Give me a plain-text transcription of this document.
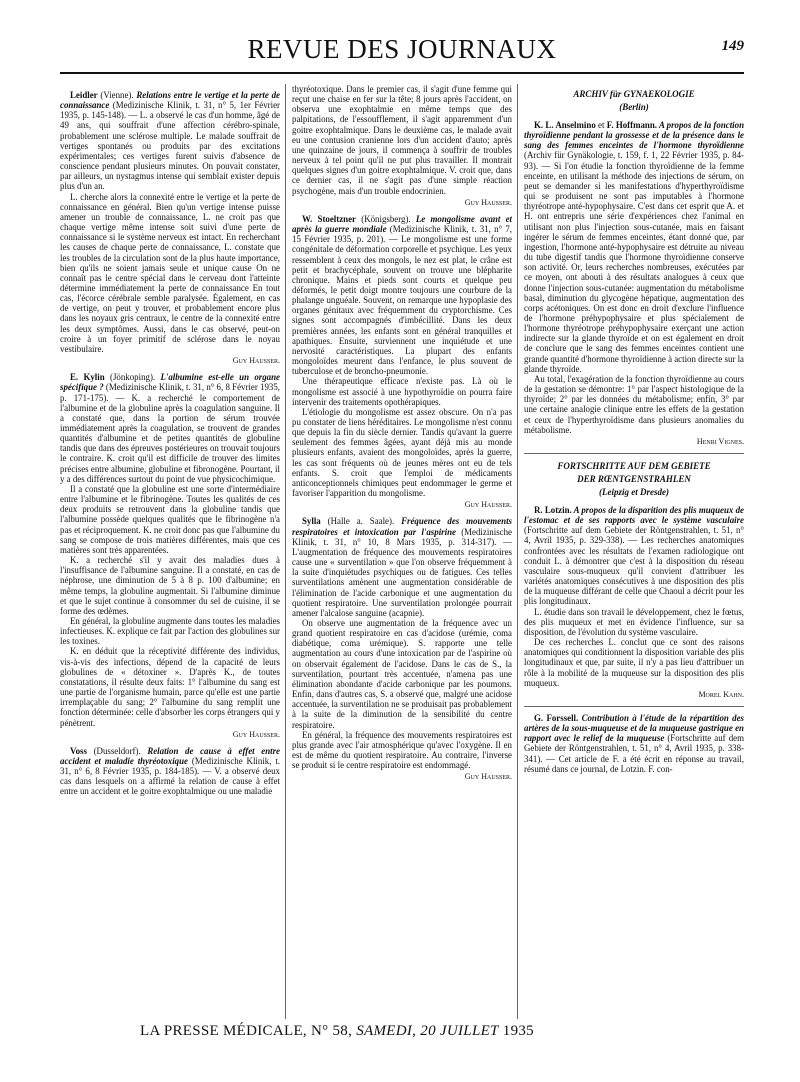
REVUE DES JOURNAUX	149

Leidler (Vienne). Relations entre le vertige et la perte de connaissance (Medizinische Klinik, t. 31, n° 5, 1er Février 1935, p. 145-148). — L. a observé le cas d'un homme, âgé de 49 ans, qui souffrait d'une affection cérébro-spinale, probablement une sclérose multiple. Le malade souffrait de vertiges spontanés ou produits par des excitations expérimentales; ces vertiges furent suivis d'absence de conscience pendant plusieurs minutes. On pouvait constater, par ailleurs, un nystagmus intense qui semblait exister depuis plus d'un an.

L. cherche alors la connexité entre le vertige et la perte de connaissance en général. Bien qu'un vertige intense puisse amener un trouble de connaissance, L. ne croit pas que chaque vertige même intense soit suivi d'une perte de connaissance si le système nerveux est intact. En recherchant les causes de chaque perte de connaissance, L. constate que les troubles de la circulation sont de la plus haute importance, bien qu'ils ne soient jamais seule et unique cause On ne connaît pas le centre spécial dans le cerveau dont l'atteinte détermine immédiatement la perte de connaissance En tout cas, l'écorce cérébrale semble paralysée. Également, en cas de vertige, on peut y trouver, et probablement encore plus dans les noyaux gris centraux, le centre de la connexité entre les deux symptômes. Aussi, dans le cas observé, peut-on croire à un foyer primitif de sclérose dans le noyau vestibulaire.

Guy Hausser.

E. Kylin (Jönkoping). L'albumine est-elle un organe spécifique ? (Medizinische Klinik, t. 31, n° 6, 8 Février 1935, p. 171-175). — K. a recherché le comportement de l'albumine et de la globuline après la coagulation sanguine. Il a constaté que, dans la portion de sérum trouvée immédiatement après la coagulation, se trouvent de grandes quantités d'albumine et de petites quantités de globuline tandis que dans des épreuves postérieures on trouvait toujours le contraire. K. croit qu'il est difficile de trouver des limites précises entre albumine, globuline et fibronogène. Pourtant, il y a des différences surtout du point de vue physicochimique.

Il a constaté que la globuline est une sorte d'intermédiaire entre l'albumine et le fibrinogène. Toutes les qualités de ces deux produits se retrouvent dans la globuline tandis que l'albumine possède quelques qualités que le fibrinogène n'a pas et réciproquement. K. ne croit donc pas que l'albumine du sang se compose de trois matières différentes, mais que ces matières sont très apparentées.

K. a recherché s'il y avait des maladies dues à l'insuffisance de l'albumine sanguine. Il a constaté, en cas de néphrose, une diminution de 5 à 8 p. 100 d'albumine; en même temps, la globuline augmentait. Si l'albumine diminue et que le sujet continue à consommer du sel de cuisine, il se forme des œdèmes.

En général, la globuline augmente dans toutes les maladies infectieuses. K. explique ce fait par l'action des globulines sur les toxines.

K. en déduit que la réceptivité différente des individus, vis-à-vis des infections, dépend de la capacité de leurs globulines de « détoxiner ». D'après K., de toutes constatations, il résulte deux faits: 1° l'albumine du sang est une partie de l'organisme humain, parce qu'elle est une partie irremplaçable du sang; 2° l'albumine du sang remplit une fonction déterminée: celle d'absorber les corps étrangers qui y pénètrent.

Guy Hausser.

Voss (Dusseldorf). Relation de cause à effet entre accident et maladie thyréotoxique (Medizinische Klinik, t. 31, n° 6, 8 Février 1935, p. 184-185). — V. a observé deux cas dans lesquels on a affirmé la relation de cause à effet entre un accident et le goitre exophtalmique ou une maladie

thyréotoxique. Dans le premier cas, il s'agit d'une femme qui reçut une chaise en fer sur la tête; 8 jours après l'accident, on observa une exophtalmie en même temps que des palpitations, de l'essoufflement, il s'agit apparemment d'un goitre exophtalmique. Dans le deuxième cas, le malade avait eu une contusion cranienne lors d'un accident d'auto; après une quinzaine de jours, il commença à souffrir de troubles nerveux à tel point qu'il ne put plus travailler. Il montrait quelques signes d'un goitre exophtalmique. V. croit que, dans ce dernier cas, il ne s'agit pas d'une simple réaction psychogène, mais d'un trouble endocrinien.

Guy Hausser.

W. Stoeltzner (Königsberg). Le mongolisme avant et après la guerre mondiale (Medizinische Klinik, t. 31, n° 7, 15 Février 1935, p. 201). — Le mongolisme est une forme congénitale de déformation corporelle et psychique. Les yeux ressemblent à ceux des mongols, le nez est plat, le crâne est petit et brachycéphale, souvent on trouve une blépharite chronique. Mains et pieds sont courts et quelque peu déformés, le petit doigt montre toujours une courbure de la phalange unguéale. Souvent, on remarque une hypoplasie des organes génitaux avec fréquemment du cryptorchisme. Ces signes sont accompagnés d'imbécillité. Dans les deux premières années, les enfants sont en général tranquilles et apathiques. Ensuite, surviennent une inquiétude et une nervosité caractéristiques. La plupart des enfants mongoloïdes meurent dans l'enfance, le plus souvent de tuberculose et de broncho-pneumonie.

Une thérapeutique efficace n'existe pas. Là où le mongolisme est associé à une hypothyroïdie on pourra faire intervenir des traitements opothérapiques.

L'étiologie du mongolisme est assez obscure. On n'a pas pu constater de liens héréditaires. Le mongolisme n'est connu que depuis la fin du siècle dernier. Tandis qu'avant la guerre seulement des femmes âgées, ayant déjà mis au monde plusieurs enfants, avaient des mongoloïdes, après la guerre, les cas sont fréquents où de jeunes mères ont eu de tels enfants. S. croit que l'emploi de médicaments anticonceptionnels chimiques peut endommager le germe et favoriser l'apparition du mongolisme.

Guy Hausser.

Sylla (Halle a. Saale). Fréquence des mouvements respiratoires et intoxication par l'aspirine (Medizinische Klinik, t. 31, n° 10, 8 Mars 1935, p. 314-317). — L'augmentation de fréquence des mouvements respiratoires cause une « surventilation » que l'on observe fréquemment à la suite d'inquiétudes psychiques ou de fatigues. Ces telles surventilations amènent une augmentation considérable de l'élimination de l'acide carbonique et une augmentation du quotient respiratoire. Une surventilation prolongée pourrait amener l'alcalose sanguine (acapnie).

On observe une augmentation de la fréquence avec un grand quotient respiratoire en cas d'acidose (urémie, coma diabétique, coma urémique). S. rapporte une telle augmentation au cours d'une intoxication par de l'aspirine où on observait également de l'acidose. Dans le cas de S., la surventilation, pourtant très accentuée, n'amena pas une élimination abondante d'acide carbonique par les poumons. Enfin, dans d'autres cas, S. a observé que, malgré une acidose accentuée, la surventilation ne se produisait pas probablement à la suite de la diminution de la sensibilité du centre respiratoire.

En général, la fréquence des mouvements respiratoires est plus grande avec l'air atmosphérique qu'avec l'oxygène. Il en est de même du quotient respiratoire. Au contraire, l'inverse se produit si le centre respiratoire est endommagé.

Guy Hausser.
ARCHIV für GYNAEKOLOGIE
(Berlin)

K. L. Anselmino et F. Hoffmann. A propos de la fonction thyroïdienne pendant la grossesse et de la présence dans le sang des femmes enceintes de l'hormone thyroïdienne (Archiv für Gynäkologie, t. 159, f. 1, 22 Février 1935, p. 84-93). — Si l'on étudie la fonction thyroïdienne de la femme enceinte, en utilisant la méthode des injections de sérum, on peut se demander si les manifestations d'hyperthyroïdisme qui se produisent ne sont pas imputables à l'hormone thyréotrope anté-hypophysaire. C'est dans cet esprit que A. et H. ont entrepris une série d'expériences chez l'animal en utilisant non plus l'injection sous-cutanée, mais en faisant ingérer le sérum de femmes enceintes, étant donné que, par ingestion, l'hormone anté-hypophysaire est détruite au niveau du tube digestif tandis que l'hormone thyroïdienne conserve son activité. Or, leurs recherches nombreuses, exécutées par ce moyen, ont abouti à des résultats analogues à ceux que donne l'injection sous-cutanée: augmentation du métabolisme basal, diminution du glycogène hépatique, augmentation des corps acétoniques. On est donc en droit d'exclure l'influence de l'hormone préhypophysaire et plus spécialement de l'hormone thyréotrope préhypophysaire exerçant une action indirecte sur la glande thyroïde et on est également en droit de conclure que le sang des femmes enceintes contient une grande quantité d'hormone thyroïdienne à action directe sur la glande thyroïde.

Au total, l'exagération de la fonction thyroïdienne au cours de la gestation se démontre: 1° par l'aspect histologique de la thyroïde; 2° par les données du métabolisme; enfin, 3° par une certaine analogie clinique entre les effets de la gestation et ceux de l'hyperthyroïdisme dans plusieurs anomalies du métabolisme.

Henri Vignes.
FORTSCHRITTE AUF DEM GEBIETE
DER RŒNTGENSTRAHLEN
(Leipzig et Dresde)

R. Lotzin. A propos de la disparition des plis muqueux de l'estomac et de ses rapports avec le système vasculaire (Fortschritte auf dem Gebiete der Röntgenstrahlen, t. 51, n° 4, Avril 1935, p. 329-338). — Les recherches anatomiques confrontées avec les résultats de l'examen radiologique ont conduit L. à démontrer que c'est à la disposition du réseau vasculaire sous-muqueux qu'il convient d'attribuer les variétés anatomiques consécutives à une disposition des plis de la muqueuse différant de celle que Chaoul a décrit pour les plis longitudinaux.

L. étudie dans son travail le développement, chez le fœtus, des plis muqueux et met en évidence l'influence, sur sa disposition, de l'évolution du système vasculaire.

De ces recherches L. conclut que ce sont des raisons anatomiques qui conditionnent la disposition variable des plis longitudinaux et que, par suite, il n'y a pas lieu d'attribuer un rôle à la mobilité de la muqueuse sur la disposition des plis muqueux.

Morel Kahn.

G. Forssell. Contribution à l'étude de la répartition des artères de la sous-muqueuse et de la muqueuse gastrique en rapport avec le relief de la muqueuse (Fortschritte auf dem Gebiete der Röntgenstrahlen, t. 51, n° 4, Avril 1935, p. 338-341). — Cet article de F. a été écrit en réponse au travail, résumé dans ce journal, de Lotzin. F. con-

LA PRESSE MÉDICALE, N° 58, SAMEDI, 20 JUILLET 1935
